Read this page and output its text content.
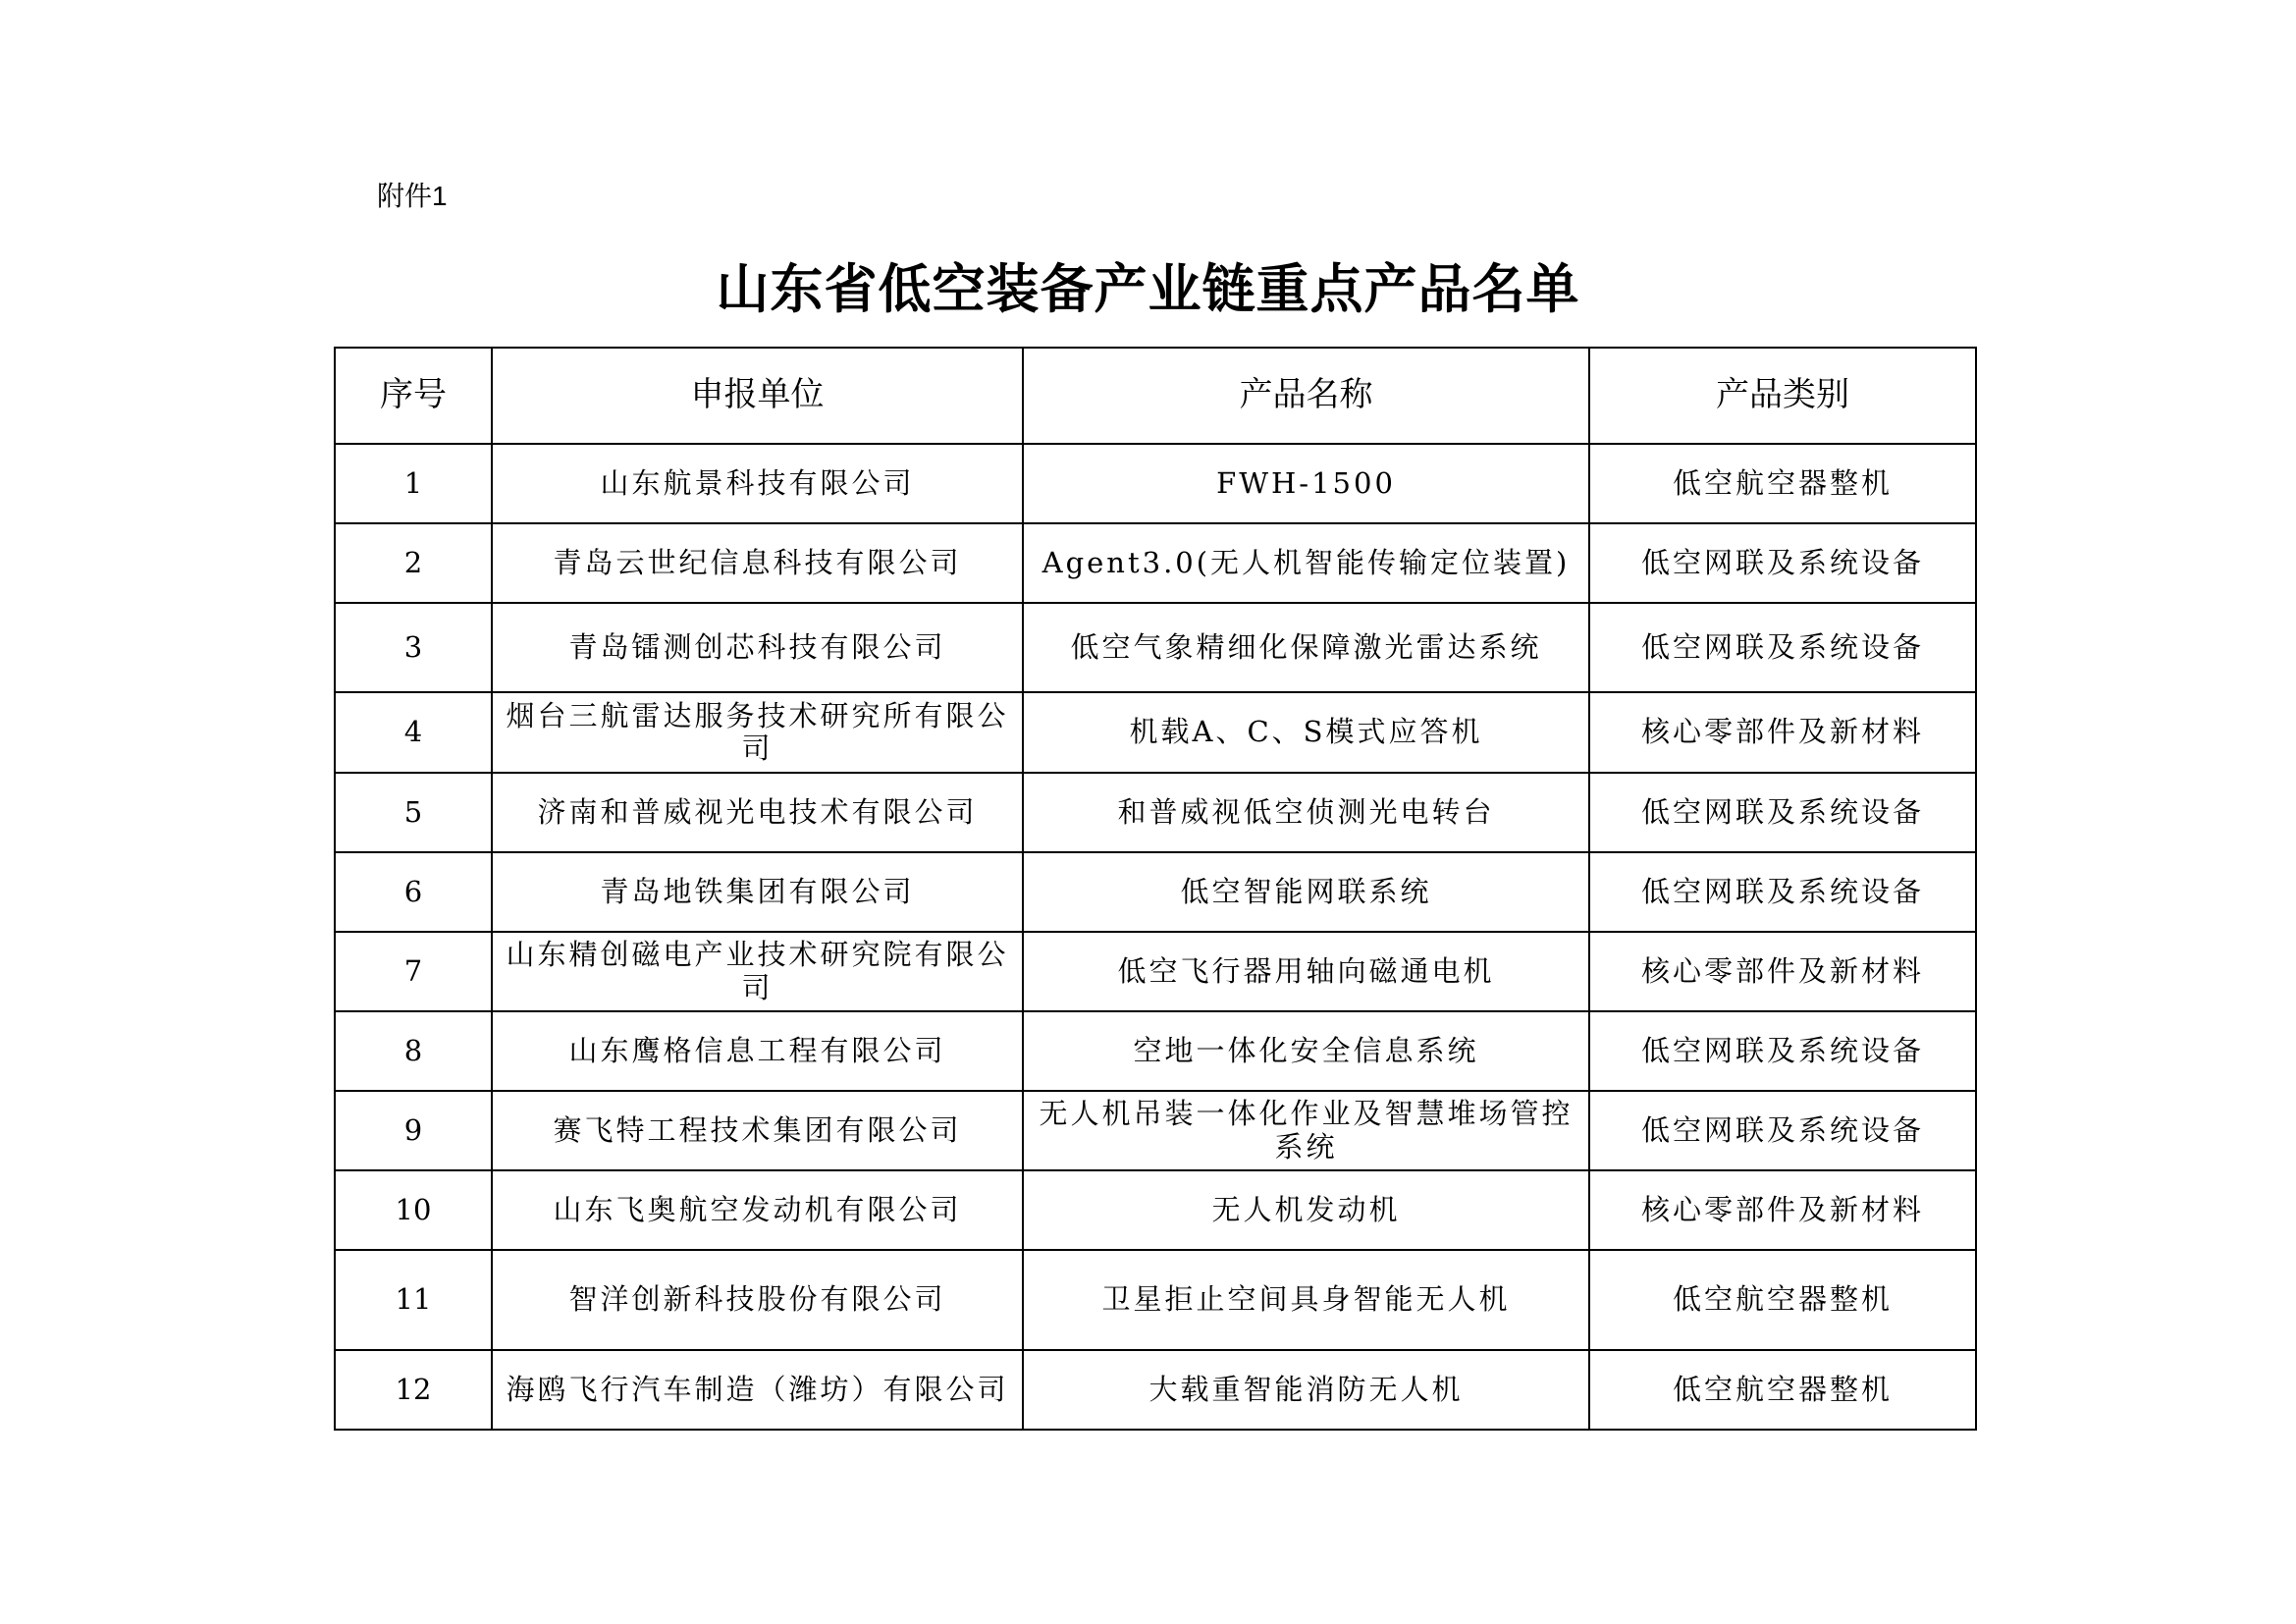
附件1
山东省低空装备产业链重点产品名单
序号	申报单位	产品名称	产品类别
1	山东航景科技有限公司	FWH-1500	低空航空器整机
2	青岛云世纪信息科技有限公司	Agent3.0(无人机智能传输定位装置)	低空网联及系统设备
3	青岛镭测创芯科技有限公司	低空气象精细化保障激光雷达系统	低空网联及系统设备
4	烟台三航雷达服务技术研究所有限公司	机载A、C、S模式应答机	核心零部件及新材料
5	济南和普威视光电技术有限公司	和普威视低空侦测光电转台	低空网联及系统设备
6	青岛地铁集团有限公司	低空智能网联系统	低空网联及系统设备
7	山东精创磁电产业技术研究院有限公司	低空飞行器用轴向磁通电机	核心零部件及新材料
8	山东鹰格信息工程有限公司	空地一体化安全信息系统	低空网联及系统设备
9	赛飞特工程技术集团有限公司	无人机吊装一体化作业及智慧堆场管控系统	低空网联及系统设备
10	山东飞奥航空发动机有限公司	无人机发动机	核心零部件及新材料
11	智洋创新科技股份有限公司	卫星拒止空间具身智能无人机	低空航空器整机
12	海鸥飞行汽车制造（潍坊）有限公司	大载重智能消防无人机	低空航空器整机
